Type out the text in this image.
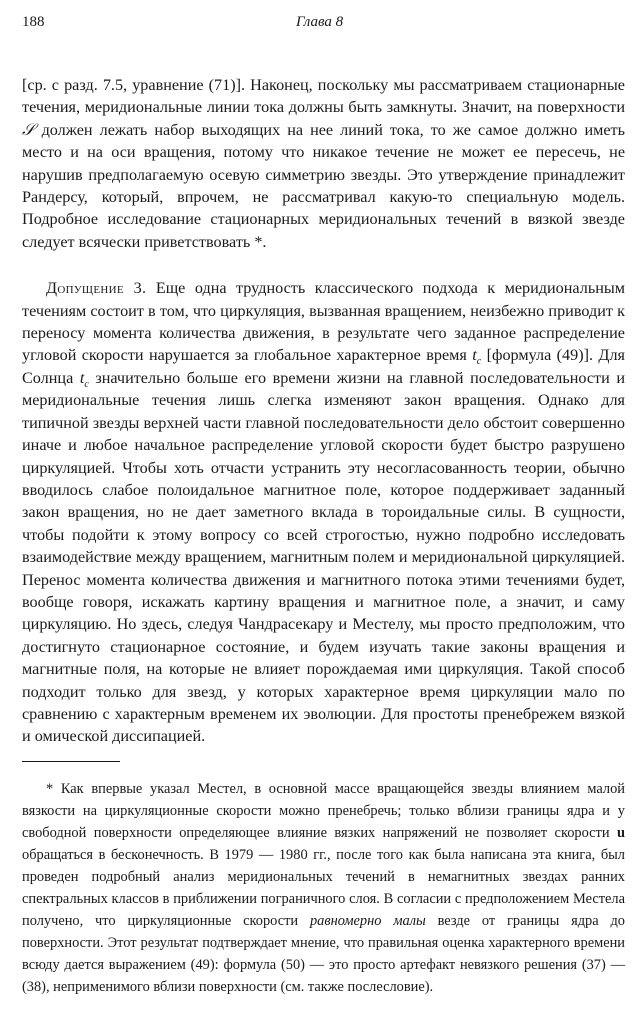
188	Глава 8

[ср. с разд. 7.5, уравнение (71)]. Наконец, поскольку мы рассматриваем стационарные течения, меридиональные линии тока должны быть замкнуты. Значит, на поверхности 𝒮 должен лежать набор выходящих на нее линий тока, то же самое должно иметь место и на оси вращения, потому что никакое течение не может ее пересечь, не нарушив предполагаемую осевую симметрию звезды. Это утверждение принадлежит Рандерсу, который, впрочем, не рассматривал какую-то специальную модель. Подробное исследование стационарных меридиональных течений в вязкой звезде следует всячески приветствовать *.

Допущение 3. Еще одна трудность классического подхода к меридиональным течениям состоит в том, что циркуляция, вызванная вращением, неизбежно приводит к переносу момента количества движения, в результате чего заданное распределение угловой скорости нарушается за глобальное характерное время $t_c$ [формула (49)]. Для Солнца $t_c$ значительно больше его времени жизни на главной последовательности и меридиональные течения лишь слегка изменяют закон вращения. Однако для типичной звезды верхней части главной последовательности дело обстоит совершенно иначе и любое начальное распределение угловой скорости будет быстро разрушено циркуляцией. Чтобы хоть отчасти устранить эту несогласованность теории, обычно вводилось слабое полоидальное магнитное поле, которое поддерживает заданный закон вращения, но не дает заметного вклада в тороидальные силы. В сущности, чтобы подойти к этому вопросу со всей строгостью, нужно подробно исследовать взаимодействие между вращением, магнитным полем и меридиональной циркуляцией. Перенос момента количества движения и магнитного потока этими течениями будет, вообще говоря, искажать картину вращения и магнитное поле, а значит, и саму циркуляцию. Но здесь, следуя Чандрасекару и Местелу, мы просто предположим, что достигнуто стационарное состояние, и будем изучать такие законы вращения и магнитные поля, на которые не влияет порождаемая ими циркуляция. Такой способ подходит только для звезд, у которых характерное время циркуляции мало по сравнению с характерным временем их эволюции. Для простоты пренебрежем вязкой и омической диссипацией.

* Как впервые указал Местел, в основной массе вращающейся звезды влиянием малой вязкости на циркуляционные скорости можно пренебречь; только вблизи границы ядра и у свободной поверхности определяющее влияние вязких напряжений не позволяет скорости u обращаться в бесконечность. В 1979 — 1980 гг., после того как была написана эта книга, был проведен подробный анализ меридиональных течений в немагнитных звездах ранних спектральных классов в приближении пограничного слоя. В согласии с предположением Местела получено, что циркуляционные скорости равномерно малы везде от границы ядра до поверхности. Этот результат подтверждает мнение, что правильная оценка характерного времени всюду дается выражением (49): формула (50) — это просто артефакт невязкого решения (37) — (38), неприменимого вблизи поверхности (см. также послесловие).
